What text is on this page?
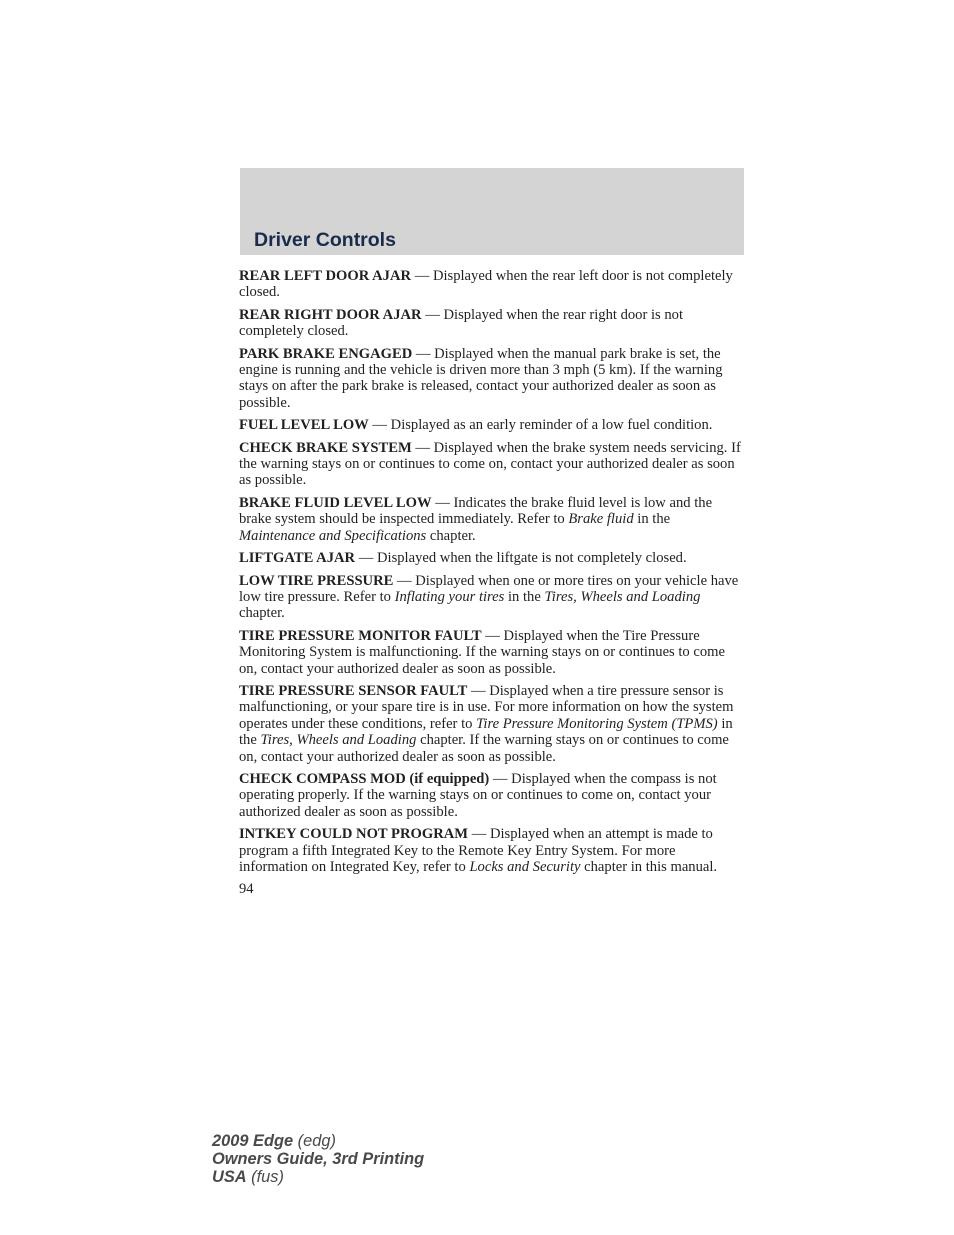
Driver Controls

REAR LEFT DOOR AJAR — Displayed when the rear left door is not completely closed.

REAR RIGHT DOOR AJAR — Displayed when the rear right door is not completely closed.

PARK BRAKE ENGAGED — Displayed when the manual park brake is set, the engine is running and the vehicle is driven more than 3 mph (5 km). If the warning stays on after the park brake is released, contact your authorized dealer as soon as possible.

FUEL LEVEL LOW — Displayed as an early reminder of a low fuel condition.

CHECK BRAKE SYSTEM — Displayed when the brake system needs servicing. If the warning stays on or continues to come on, contact your authorized dealer as soon as possible.

BRAKE FLUID LEVEL LOW — Indicates the brake fluid level is low and the brake system should be inspected immediately. Refer to Brake fluid in the Maintenance and Specifications chapter.

LIFTGATE AJAR — Displayed when the liftgate is not completely closed.

LOW TIRE PRESSURE — Displayed when one or more tires on your vehicle have low tire pressure. Refer to Inflating your tires in the Tires, Wheels and Loading chapter.

TIRE PRESSURE MONITOR FAULT — Displayed when the Tire Pressure Monitoring System is malfunctioning. If the warning stays on or continues to come on, contact your authorized dealer as soon as possible.

TIRE PRESSURE SENSOR FAULT — Displayed when a tire pressure sensor is malfunctioning, or your spare tire is in use. For more information on how the system operates under these conditions, refer to Tire Pressure Monitoring System (TPMS) in the Tires, Wheels and Loading chapter. If the warning stays on or continues to come on, contact your authorized dealer as soon as possible.

CHECK COMPASS MOD (if equipped) — Displayed when the compass is not operating properly. If the warning stays on or continues to come on, contact your authorized dealer as soon as possible.

INTKEY COULD NOT PROGRAM — Displayed when an attempt is made to program a fifth Integrated Key to the Remote Key Entry System. For more information on Integrated Key, refer to Locks and Security chapter in this manual.

94

2009 Edge (edg)
Owners Guide, 3rd Printing
USA (fus)
